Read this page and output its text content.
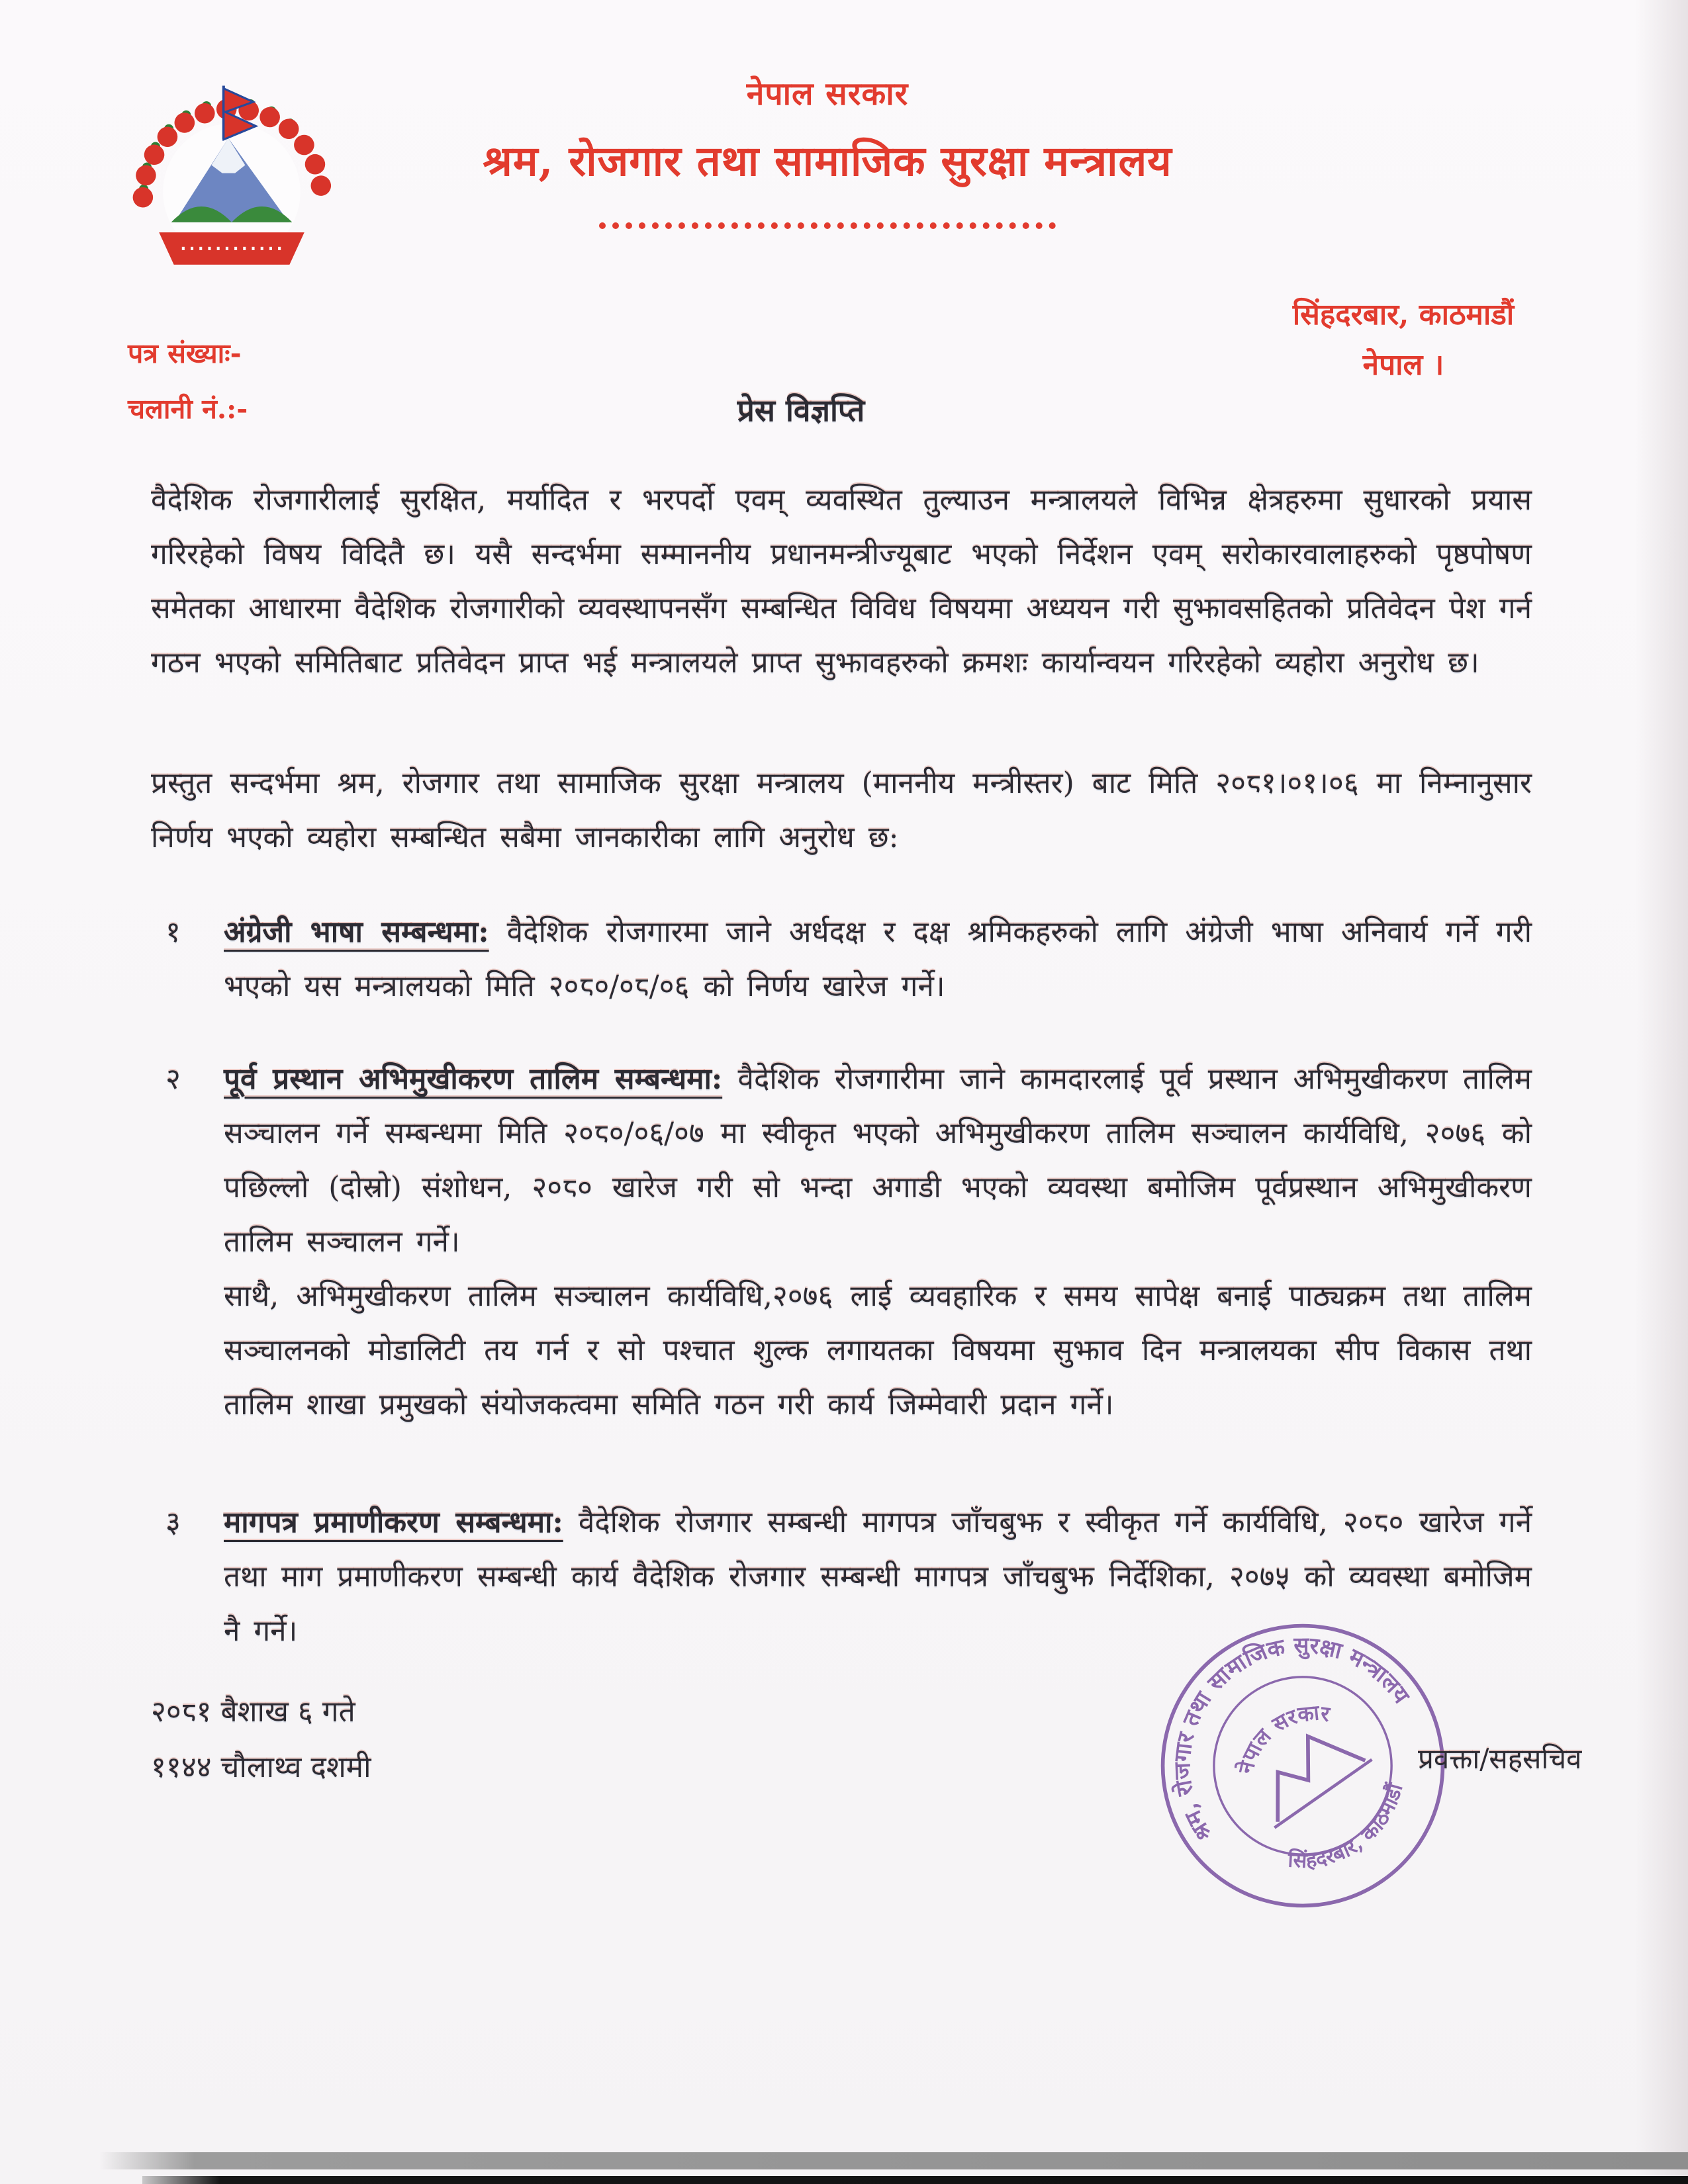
नेपाल सरकार
श्रम, रोजगार तथा सामाजिक सुरक्षा मन्त्रालय
सिंहदरबार, काठमाडौं
नेपाल ।
पत्र संख्याः-
चलानी नं.:-	प्रेस विज्ञप्ति
वैदेशिक रोजगारीलाई सुरक्षित, मर्यादित र भरपर्दो एवम् व्यवस्थित तुल्याउन मन्त्रालयले विभिन्न क्षेत्रहरुमा सुधारको प्रयास गरिरहेको विषय विदितै छ। यसै सन्दर्भमा सम्माननीय प्रधानमन्त्रीज्यूबाट भएको निर्देशन एवम् सरोकारवालाहरुको पृष्ठपोषण समेतका आधारमा वैदेशिक रोजगारीको व्यवस्थापनसँग सम्बन्धित विविध विषयमा अध्ययन गरी सुझावसहितको प्रतिवेदन पेश गर्न गठन भएको समितिबाट प्रतिवेदन प्राप्त भई मन्त्रालयले प्राप्त सुझावहरुको क्रमशः कार्यान्वयन गरिरहेको व्यहोरा अनुरोध छ।
प्रस्तुत सन्दर्भमा श्रम, रोजगार तथा सामाजिक सुरक्षा मन्त्रालय (माननीय मन्त्रीस्तर) बाट मिति २०८१।०१।०६ मा निम्नानुसार निर्णय भएको व्यहोरा सम्बन्धित सबैमा जानकारीका लागि अनुरोध छ:
१	अंग्रेजी भाषा सम्बन्धमा: वैदेशिक रोजगारमा जाने अर्धदक्ष र दक्ष श्रमिकहरुको लागि अंग्रेजी भाषा अनिवार्य गर्ने गरी भएको यस मन्त्रालयको मिति २०८०/०८/०६ को निर्णय खारेज गर्ने।
२	पूर्व प्रस्थान अभिमुखीकरण तालिम सम्बन्धमा: वैदेशिक रोजगारीमा जाने कामदारलाई पूर्व प्रस्थान अभिमुखीकरण तालिम सञ्चालन गर्ने सम्बन्धमा मिति २०८०/०६/०७ मा स्वीकृत भएको अभिमुखीकरण तालिम सञ्चालन कार्यविधि, २०७६ को पछिल्लो (दोस्रो) संशोधन, २०८० खारेज गरी सो भन्दा अगाडी भएको व्यवस्था बमोजिम पूर्वप्रस्थान अभिमुखीकरण तालिम सञ्चालन गर्ने।
साथै, अभिमुखीकरण तालिम सञ्चालन कार्यविधि,२०७६ लाई व्यवहारिक र समय सापेक्ष बनाई पाठ्यक्रम तथा तालिम सञ्चालनको मोडालिटी तय गर्न र सो पश्चात शुल्क लगायतका विषयमा सुझाव दिन मन्त्रालयका सीप विकास तथा तालिम शाखा प्रमुखको संयोजकत्वमा समिति गठन गरी कार्य जिम्मेवारी प्रदान गर्ने।
३	मागपत्र प्रमाणीकरण सम्बन्धमा: वैदेशिक रोजगार सम्बन्धी मागपत्र जाँचबुझ र स्वीकृत गर्ने कार्यविधि, २०८० खारेज गर्ने तथा माग प्रमाणीकरण सम्बन्धी कार्य वैदेशिक रोजगार सम्बन्धी मागपत्र जाँचबुझ निर्देशिका, २०७५ को व्यवस्था बमोजिम नै गर्ने।
२०८१ बैशाख ६ गते
११४४ चौलाथ्व दशमी
श्रम, रोजगार तथा सामाजिक सुरक्षा मन्त्रालय
सिंहदरबार, काठमाडौं
नेपाल सरकार
प्रवक्ता/सहसचिव
